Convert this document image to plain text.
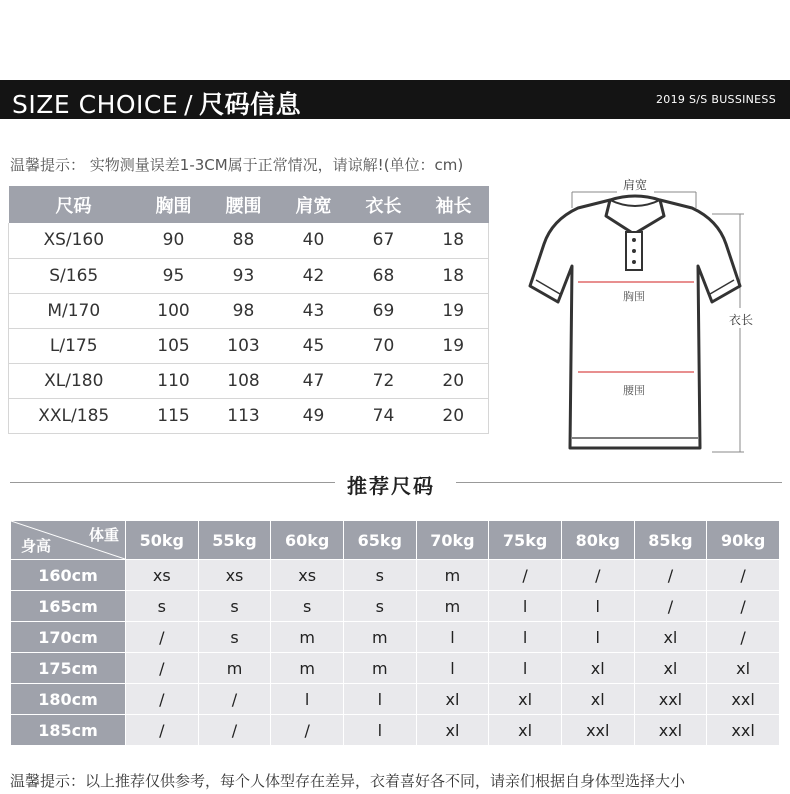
SIZE CHOICE / 尺码信息	2019 S/S BUSSINESS
温馨提示： 实物测量误差1-3CM属于正常情况，请谅解!(单位：cm)
尺码	胸围	腰围	肩宽	衣长	袖长
XS/160	90	88	40	67	18
S/165	95	93	42	68	18
M/170	100	98	43	69	19
L/175	105	103	45	70	19
XL/180	110	108	47	72	20
XXL/185	115	113	49	74	20
肩宽
衣长
胸围
腰围
推荐尺码
体重
身高	50kg	55kg	60kg	65kg	70kg	75kg	80kg	85kg	90kg
160cm	xs	xs	xs	s	m	/	/	/	/
165cm	s	s	s	s	m	l	l	/	/
170cm	/	s	m	m	l	l	l	xl	/
175cm	/	m	m	m	l	l	xl	xl	xl
180cm	/	/	l	l	xl	xl	xl	xxl	xxl
185cm	/	/	/	l	xl	xl	xxl	xxl	xxl
温馨提示：以上推荐仅供参考，每个人体型存在差异，衣着喜好各不同，请亲们根据自身体型选择大小
